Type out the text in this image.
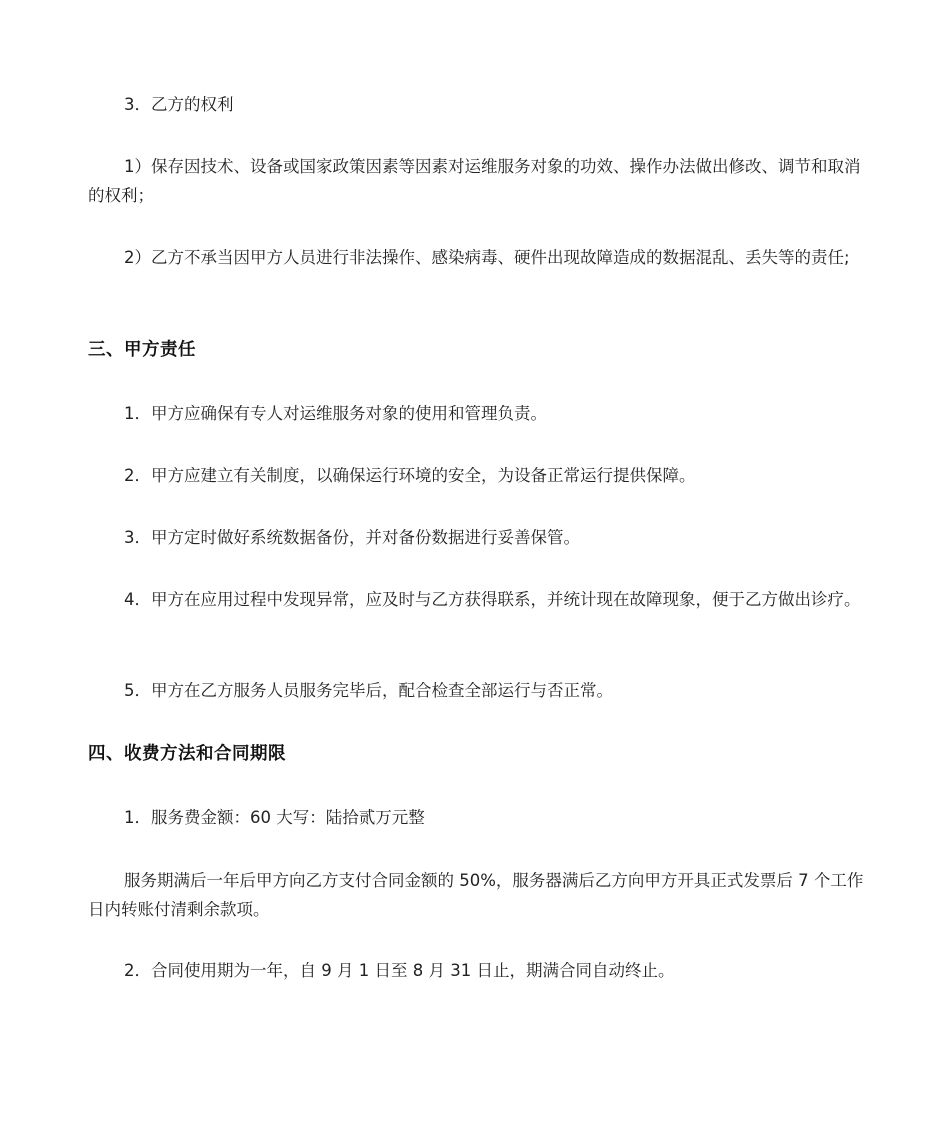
3．乙方的权利

1）保存因技术、设备或国家政策因素等因素对运维服务对象的功效、操作办法做出修改、调节和取消的权利；

2）乙方不承当因甲方人员进行非法操作、感染病毒、硬件出现故障造成的数据混乱、丢失等的责任;

三、甲方责任

1．甲方应确保有专人对运维服务对象的使用和管理负责。

2．甲方应建立有关制度，以确保运行环境的安全，为设备正常运行提供保障。

3．甲方定时做好系统数据备份，并对备份数据进行妥善保管。

4．甲方在应用过程中发现异常，应及时与乙方获得联系，并统计现在故障现象，便于乙方做出诊疗。

5．甲方在乙方服务人员服务完毕后，配合检查全部运行与否正常。

四、收费方法和合同期限

1．服务费金额：60 大写：陆拾贰万元整

服务期满后一年后甲方向乙方支付合同金额的 50%，服务器满后乙方向甲方开具正式发票后 7 个工作日内转账付清剩余款项。

2．合同使用期为一年，自 9 月 1 日至 8 月 31 日止，期满合同自动终止。
